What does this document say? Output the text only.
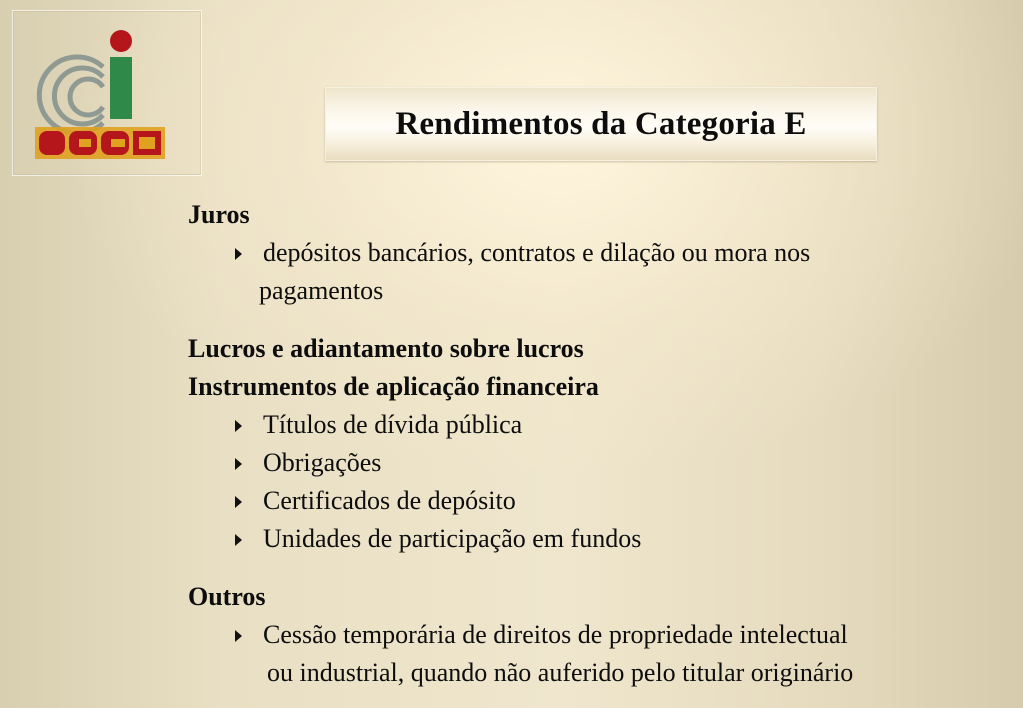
Rendimentos da Categoria E
Juros
depósitos bancários, contratos e dilação ou mora nos
pagamentos
Lucros e adiantamento sobre lucros
Instrumentos de aplicação financeira
Títulos de dívida pública
Obrigações
Certificados de depósito
Unidades de participação em fundos
Outros
Cessão temporária de direitos de propriedade intelectual
ou industrial, quando não auferido pelo titular originário
